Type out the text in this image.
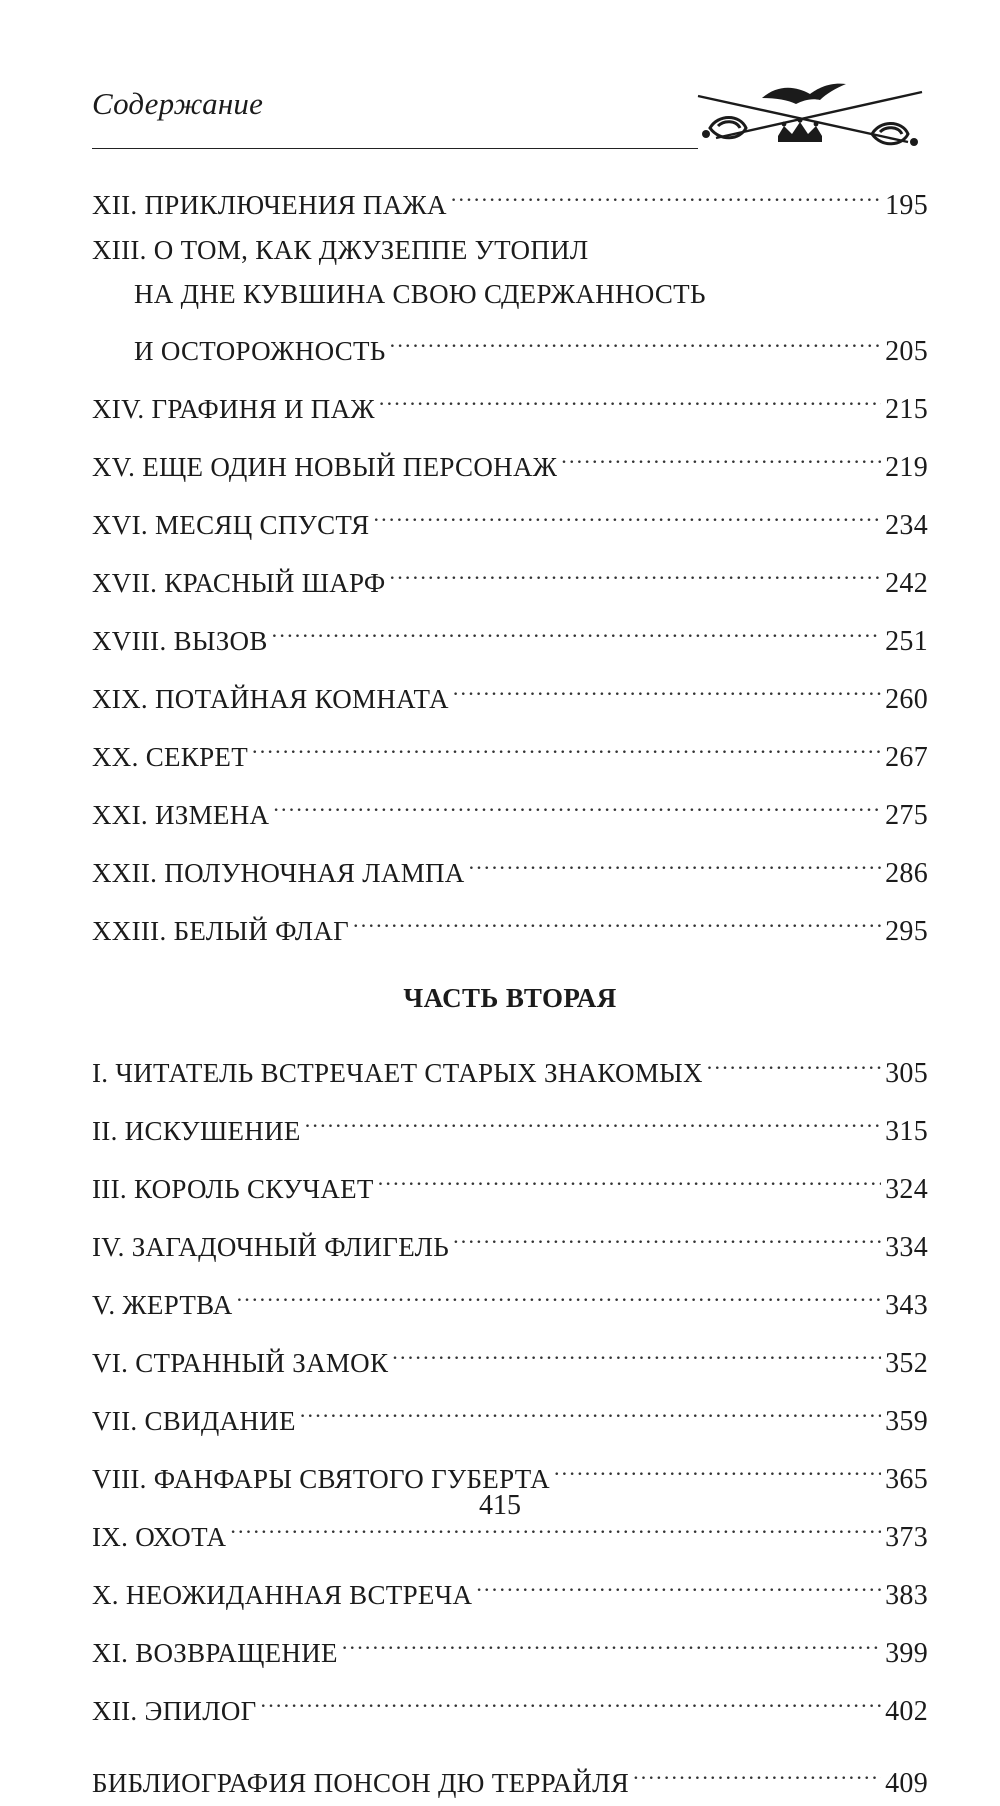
Содержание
XII. ПРИКЛЮЧЕНИЯ ПАЖА .....	195
XIII. О ТОМ, КАК ДЖУЗЕППЕ УТОПИЛ
НА ДНЕ КУВШИНА СВОЮ СДЕРЖАННОСТЬ
И ОСТОРОЖНОСТЬ .....	205
XIV. ГРАФИНЯ И ПАЖ .....	215
XV. ЕЩЕ ОДИН НОВЫЙ ПЕРСОНАЖ .....	219
XVI. МЕСЯЦ СПУСТЯ .....	234
XVII. КРАСНЫЙ ШАРФ .....	242
XVIII. ВЫЗОВ .....	251
XIX. ПОТАЙНАЯ КОМНАТА .....	260
XX. СЕКРЕТ .....	267
XXI. ИЗМЕНА .....	275
XXII. ПОЛУНОЧНАЯ ЛАМПА .....	286
XXIII. БЕЛЫЙ ФЛАГ .....	295
ЧАСТЬ ВТОРАЯ
I. ЧИТАТЕЛЬ ВСТРЕЧАЕТ СТАРЫХ ЗНАКОМЫХ .....	305
II. ИСКУШЕНИЕ .....	315
III. КОРОЛЬ СКУЧАЕТ .....	324
IV. ЗАГАДОЧНЫЙ ФЛИГЕЛЬ .....	334
V. ЖЕРТВА .....	343
VI. СТРАННЫЙ ЗАМОК .....	352
VII. СВИДАНИЕ .....	359
VIII. ФАНФАРЫ СВЯТОГО ГУБЕРТА .....	365
IX. ОХОТА .....	373
X. НЕОЖИДАННАЯ ВСТРЕЧА .....	383
XI. ВОЗВРАЩЕНИЕ .....	399
XII. ЭПИЛОГ .....	402
БИБЛИОГРАФИЯ ПОНСОН ДЮ ТЕРРАЙЛЯ .....	409
415
